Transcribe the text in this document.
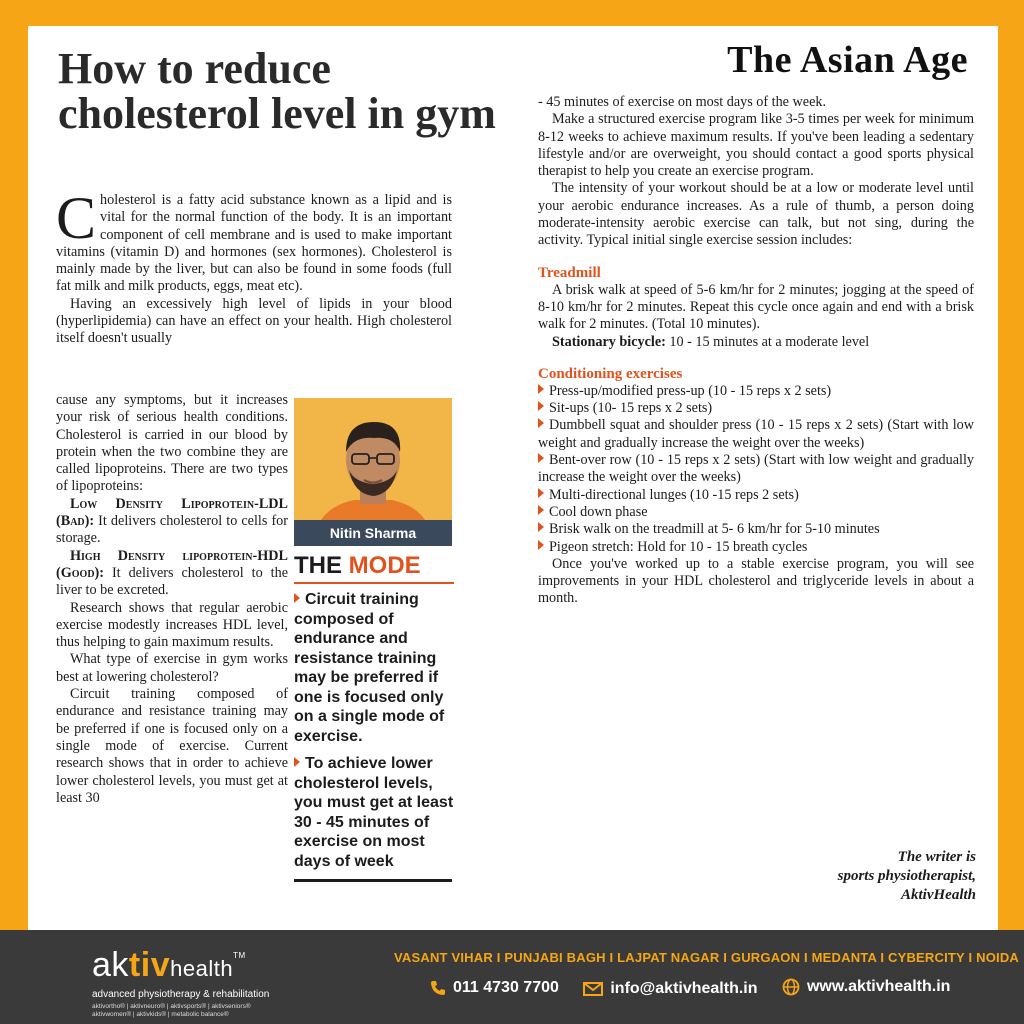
How to reduce cholesterol level in gym
The Asian Age

Cholesterol is a fatty acid substance known as a lipid and is vital for the normal function of the body. It is an important component of cell membrane and is used to make important vitamins (vitamin D) and hormones (sex hormones). Cholesterol is mainly made by the liver, but can also be found in some foods (full fat milk and milk products, eggs, meat etc).

Having an excessively high level of lipids in your blood (hyperlipidemia) can have an effect on your health. High cholesterol itself doesn't usually

cause any symptoms, but it increases your risk of serious health conditions. Cholesterol is carried in our blood by protein when the two combine they are called lipoproteins. There are two types of lipoproteins:

Low Density Lipoprotein-LDL (Bad): It delivers cholesterol to cells for storage.

High Density lipoprotein-HDL (Good): It delivers cholesterol to the liver to be excreted.

Research shows that regular aerobic exercise modestly increases HDL level, thus helping to gain maximum results.

What type of exercise in gym works best at lowering cholesterol?

Circuit training composed of endurance and resistance training may be preferred if one is focused only on a single mode of exercise. Current research shows that in order to achieve lower cholesterol levels, you must get at least 30

Nitin Sharma
THE MODE
Circuit training composed of endurance and resistance training may be preferred if one is focused only on a single mode of exercise.
To achieve lower cholesterol levels, you must get at least 30 - 45 minutes of exercise on most days of week

- 45 minutes of exercise on most days of the week.

Make a structured exercise program like 3-5 times per week for minimum 8-12 weeks to achieve maximum results. If you've been leading a sedentary lifestyle and/or are overweight, you should contact a good sports physical therapist to help you create an exercise program.

The intensity of your workout should be at a low or moderate level until your aerobic endurance increases. As a rule of thumb, a person doing moderate-intensity aerobic exercise can talk, but not sing, during the activity. Typical initial single exercise session includes:

Treadmill

A brisk walk at speed of 5-6 km/hr for 2 minutes; jogging at the speed of 8-10 km/hr for 2 minutes. Repeat this cycle once again and end with a brisk walk for 2 minutes. (Total 10 minutes).

Stationary bicycle: 10 - 15 minutes at a moderate level

Conditioning exercises

Press-up/modified press-up (10 - 15 reps x 2 sets)

Sit-ups (10- 15 reps x 2 sets)

Dumbbell squat and shoulder press (10 - 15 reps x 2 sets) (Start with low weight and gradually increase the weight over the weeks)

Bent-over row (10 - 15 reps x 2 sets) (Start with low weight and gradually increase the weight over the weeks)

Multi-directional lunges (10 -15 reps 2 sets)

Cool down phase

Brisk walk on the treadmill at 5- 6 km/hr for 5-10 minutes

Pigeon stretch: Hold for 10 - 15 breath cycles

Once you've worked up to a stable exercise program, you will see improvements in your HDL cholesterol and triglyceride levels in about a month.

The writer is
sports physiotherapist,
AktivHealth
aktivhealth™
advanced physiotherapy & rehabilitation
aktivortho® | aktivneuro® | aktivsports® | aktivseniors®
aktivwomen® | aktivkids® | metabolic balance®
VASANT VIHAR I PUNJABI BAGH I LAJPAT NAGAR I GURGAON I MEDANTA I CYBERCITY I NOIDA
011 4730 7700
	info@aktivhealth.in
	www.aktivhealth.in
